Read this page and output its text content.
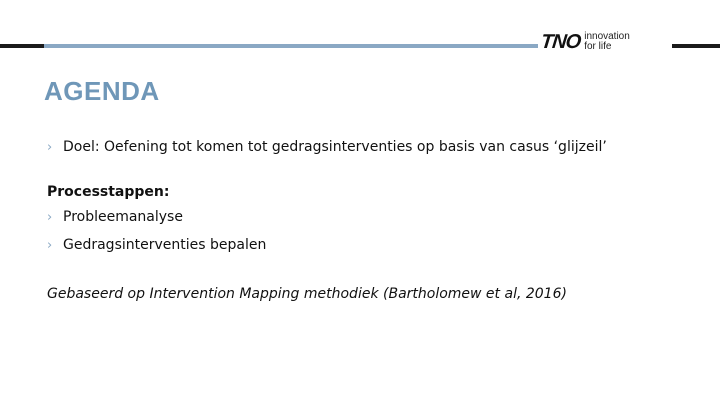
TNO innovation
for life
AGENDA
› Doel: Oefening tot komen tot gedragsinterventies op basis van casus ‘glijzeil’
Processtappen:
› Probleemanalyse
› Gedragsinterventies bepalen
Gebaseerd op Intervention Mapping methodiek (Bartholomew et al, 2016)
